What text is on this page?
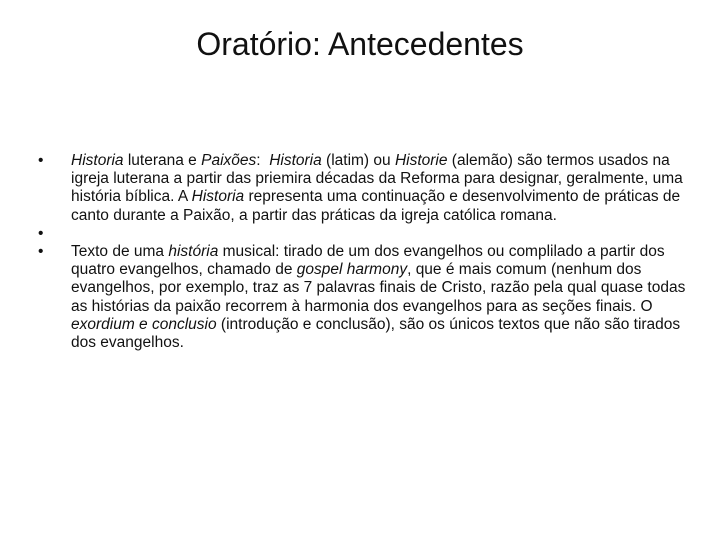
Oratório: Antecedentes
•	Historia luterana e Paixões:  Historia (latim) ou Historie (alemão) são termos usados na igreja luterana a partir das priemira décadas da Reforma para designar, geralmente, uma história bíblica. A Historia representa uma continuação e desenvolvimento de práticas de canto durante a Paixão, a partir das práticas da igreja católica romana.
•
•	Texto de uma história musical: tirado de um dos evangelhos ou complilado a partir dos quatro evangelhos, chamado de gospel harmony, que é mais comum (nenhum dos evangelhos, por exemplo, traz as 7 palavras finais de Cristo, razão pela qual quase todas as histórias da paixão recorrem à harmonia dos evangelhos para as seções finais. O exordium e conclusio (introdução e conclusão), são os únicos textos que não são tirados dos evangelhos.
